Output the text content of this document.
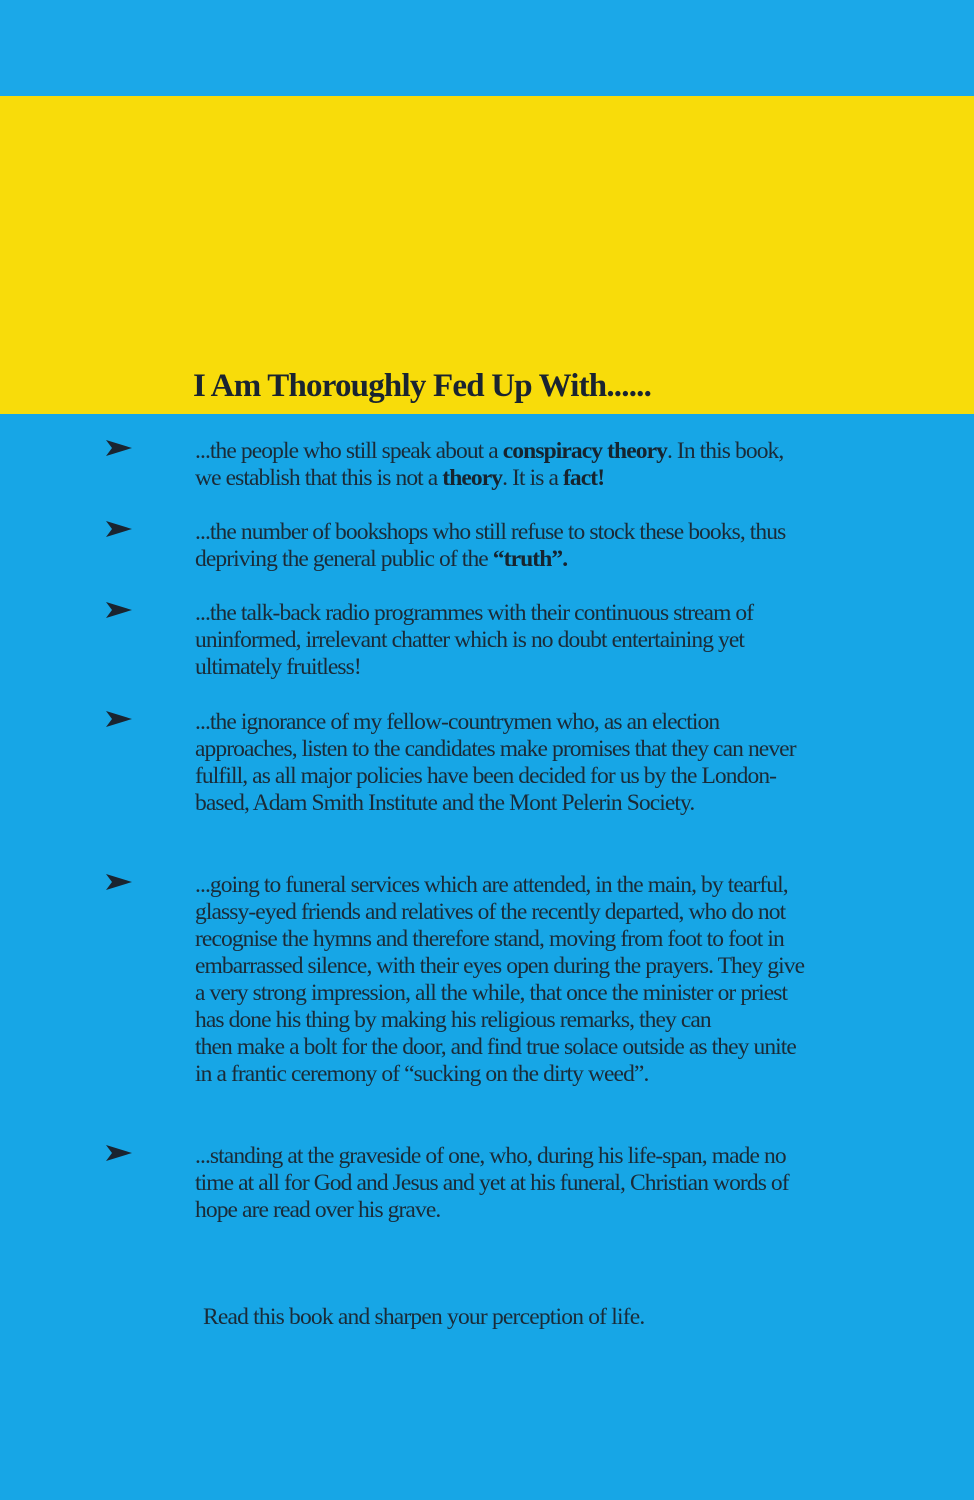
I Am Thoroughly Fed Up With......

...the people who still speak about a conspiracy theory. In this book, we establish that this is not a theory. It is a fact!

...the number of bookshops who still refuse to stock these books, thus depriving the general public of the “truth”.

...the talk-back radio programmes with their continuous stream of uninformed, irrelevant chatter which is no doubt entertaining yet ultimately fruitless!

...the ignorance of my fellow-countrymen who, as an election approaches, listen to the candidates make promises that they can never fulfill, as all major policies have been decided for us by the London-based, Adam Smith Institute and the Mont Pelerin Society.

...going to funeral services which are attended, in the main, by tearful, glassy-eyed friends and relatives of the recently departed, who do not recognise the hymns and therefore stand, moving from foot to foot in embarrassed silence, with their eyes open during the prayers. They give a very strong impression, all the while, that once the minister or priest has done his thing by making his religious remarks, they can               then make a bolt for the door, and find true solace outside as they unite in a frantic ceremony of “sucking on the dirty weed”.

...standing at the graveside of one, who, during his life-span, made no time at all for God and Jesus and yet at his funeral, Christian words of hope are read over his grave.

Read this book and sharpen your perception of life.
